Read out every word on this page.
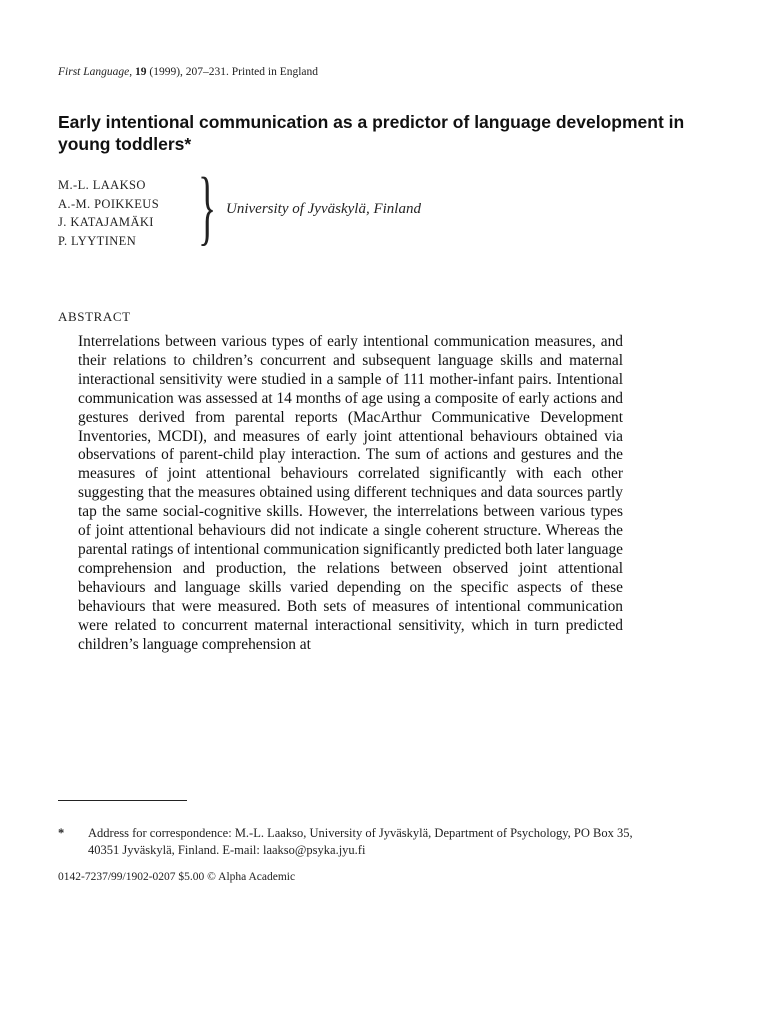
First Language, 19 (1999), 207–231. Printed in England
Early intentional communication as a predictor of language development in young toddlers*
M.-L. LAAKSO
A.-M. POIKKEUS
J. KATAJAMÄKI
P. LYYTINEN } University of Jyväskylä, Finland
ABSTRACT

Interrelations between various types of early intentional communication measures, and their relations to children’s concurrent and subsequent language skills and maternal interactional sensitivity were studied in a sample of 111 mother-infant pairs. Intentional communication was assessed at 14 months of age using a composite of early actions and gestures derived from parental reports (MacArthur Communicative Development Inventories, MCDI), and measures of early joint attentional behaviours obtained via observations of parent-child play interaction. The sum of actions and gestures and the measures of joint attentional behaviours correlated significantly with each other suggesting that the measures obtained using different techniques and data sources partly tap the same social-cognitive skills. However, the interrelations between various types of joint attentional behaviours did not indicate a single coherent structure. Whereas the parental ratings of intentional communication significantly predicted both later language comprehension and production, the relations between observed joint attentional behaviours and language skills varied depending on the specific aspects of these behaviours that were measured. Both sets of measures of intentional communication were related to concurrent maternal interactional sensitivity, which in turn predicted children’s language comprehension at

* Address for correspondence: M.-L. Laakso, University of Jyväskylä, Department of Psychology, PO Box 35, 40351 Jyväskylä, Finland. E-mail: laakso@psyka.jyu.fi
0142-7237/99/1902-0207 $5.00 © Alpha Academic
